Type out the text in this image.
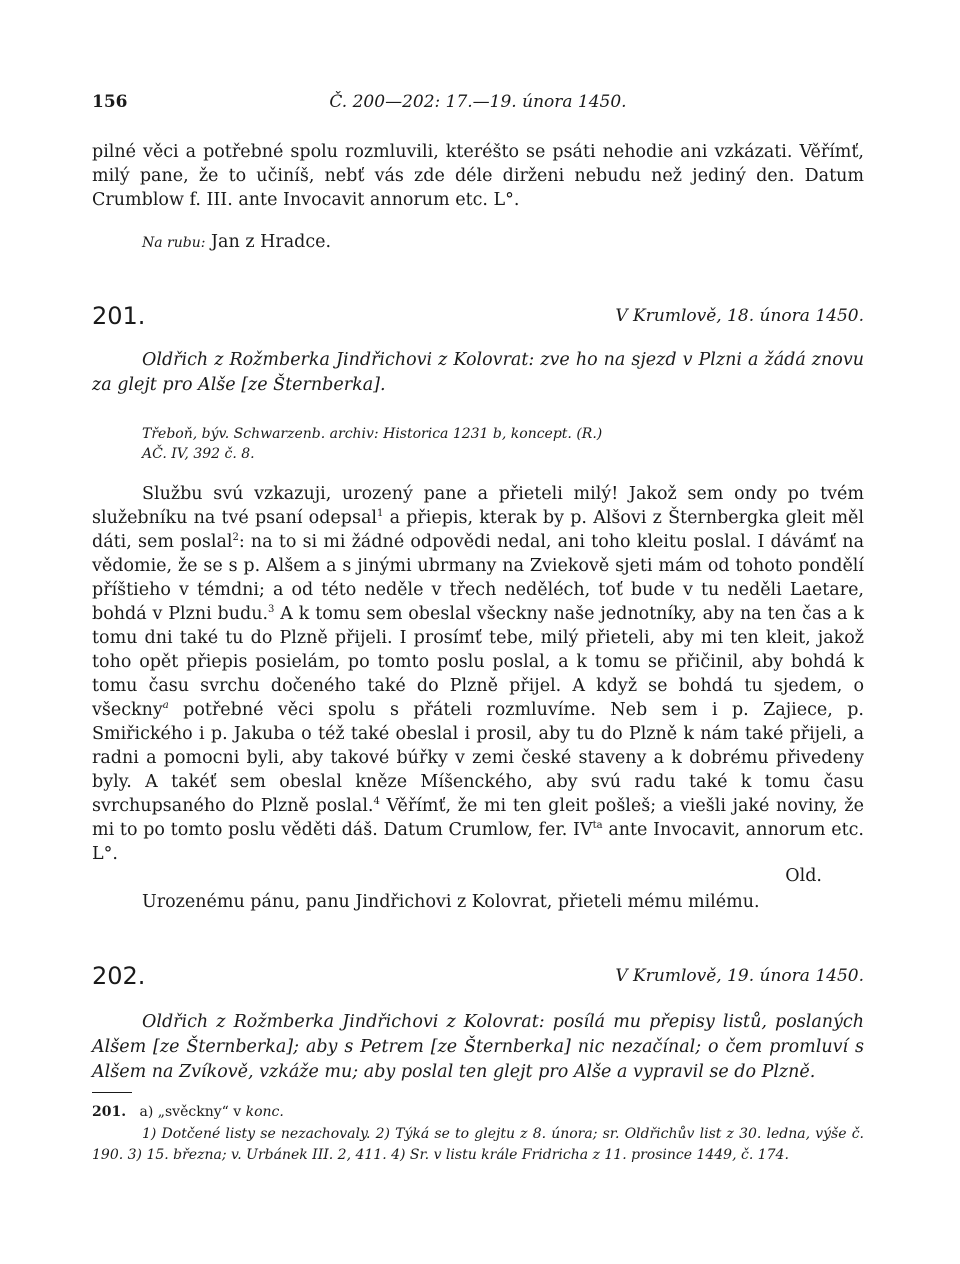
156	Č. 200—202: 17.—19. února 1450.

pilné věci a potřebné spolu rozmluvili, kteréšto se psáti nehodie ani vzkázati. Věřímť, milý pane, že to učiníš, nebť vás zde déle dirženi nebudu než jediný den. Datum Crumblow f. III. ante Invocavit annorum etc. L°.

Na rubu: Jan z Hradce.
201.	V Krumlově, 18. února 1450.

Oldřich z Rožmberka Jindřichovi z Kolovrat: zve ho na sjezd v Plzni a žádá znovu za glejt pro Alše [ze Šternberka].

Třeboň, býv. Schwarzenb. archiv: Historica 1231 b, koncept. (R.)
AČ. IV, 392 č. 8.

Službu svú vzkazuji, urozený pane a přieteli milý! Jakož sem ondy po tvém služebníku na tvé psaní odepsal$^1$ a přiepis, kterak by p. Alšovi z Šternbergka gleit měl dáti, sem poslal$^2$: na to si mi žádné odpovědi nedal, ani toho kleitu poslal. I dávámť na vědomie, že se s p. Alšem a s jinými ubrmany na Zviekově sjeti mám od tohoto pondělí příštieho v témdni; a od této neděle v třech neděléch, toť bude v tu neděli Laetare, bohdá v Plzni budu.$^3$ A k tomu sem obeslal všeckny naše jednotníky, aby na ten čas a k tomu dni také tu do Plzně přijeli. I prosímť tebe, milý přieteli, aby mi ten kleit, jakož toho opět přiepis posielám, po tomto poslu poslal, a k tomu se přičinil, aby bohdá k tomu času svrchu dočeného také do Plzně přijel. A když se bohdá tu sjedem, o všeckny$^a$ potřebné věci spolu s přáteli rozmluvíme. Neb sem i p. Zajiece, p. Smiřického i p. Jakuba o též také obeslal i prosil, aby tu do Plzně k nám také přijeli, a radni a pomocni byli, aby takové búřky v zemi české staveny a k dobrému přivedeny byly. A takéť sem obeslal kněze Míšenckého, aby svú radu také k tomu času svrchupsaného do Plzně poslal.$^4$ Věřímť, že mi ten gleit pošleš; a viešli jaké noviny, že mi to po tomto poslu věděti dáš. Datum Crumlow, fer. $IV^{ta}$ ante Invocavit, annorum etc. L°.

Old.
Urozenému pánu, panu Jindřichovi z Kolovrat, přieteli mému milému.
202.	V Krumlově, 19. února 1450.

Oldřich z Rožmberka Jindřichovi z Kolovrat: posílá mu přepisy listů, poslaných Alšem [ze Šternberka]; aby s Petrem [ze Šternberka] nic nezačínal; o čem promluví s Alšem na Zvíkově, vzkáže mu; aby poslal ten glejt pro Alše a vypravil se do Plzně.

201. a) „svěckny“ v konc.
1) Dotčené listy se nezachovaly. 2) Týká se to glejtu z 8. února; sr. Oldřichův list z 30. ledna, výše č. 190. 3) 15. března; v. Urbánek III. 2, 411. 4) Sr. v listu krále Fridricha z 11. prosince 1449, č. 174.
